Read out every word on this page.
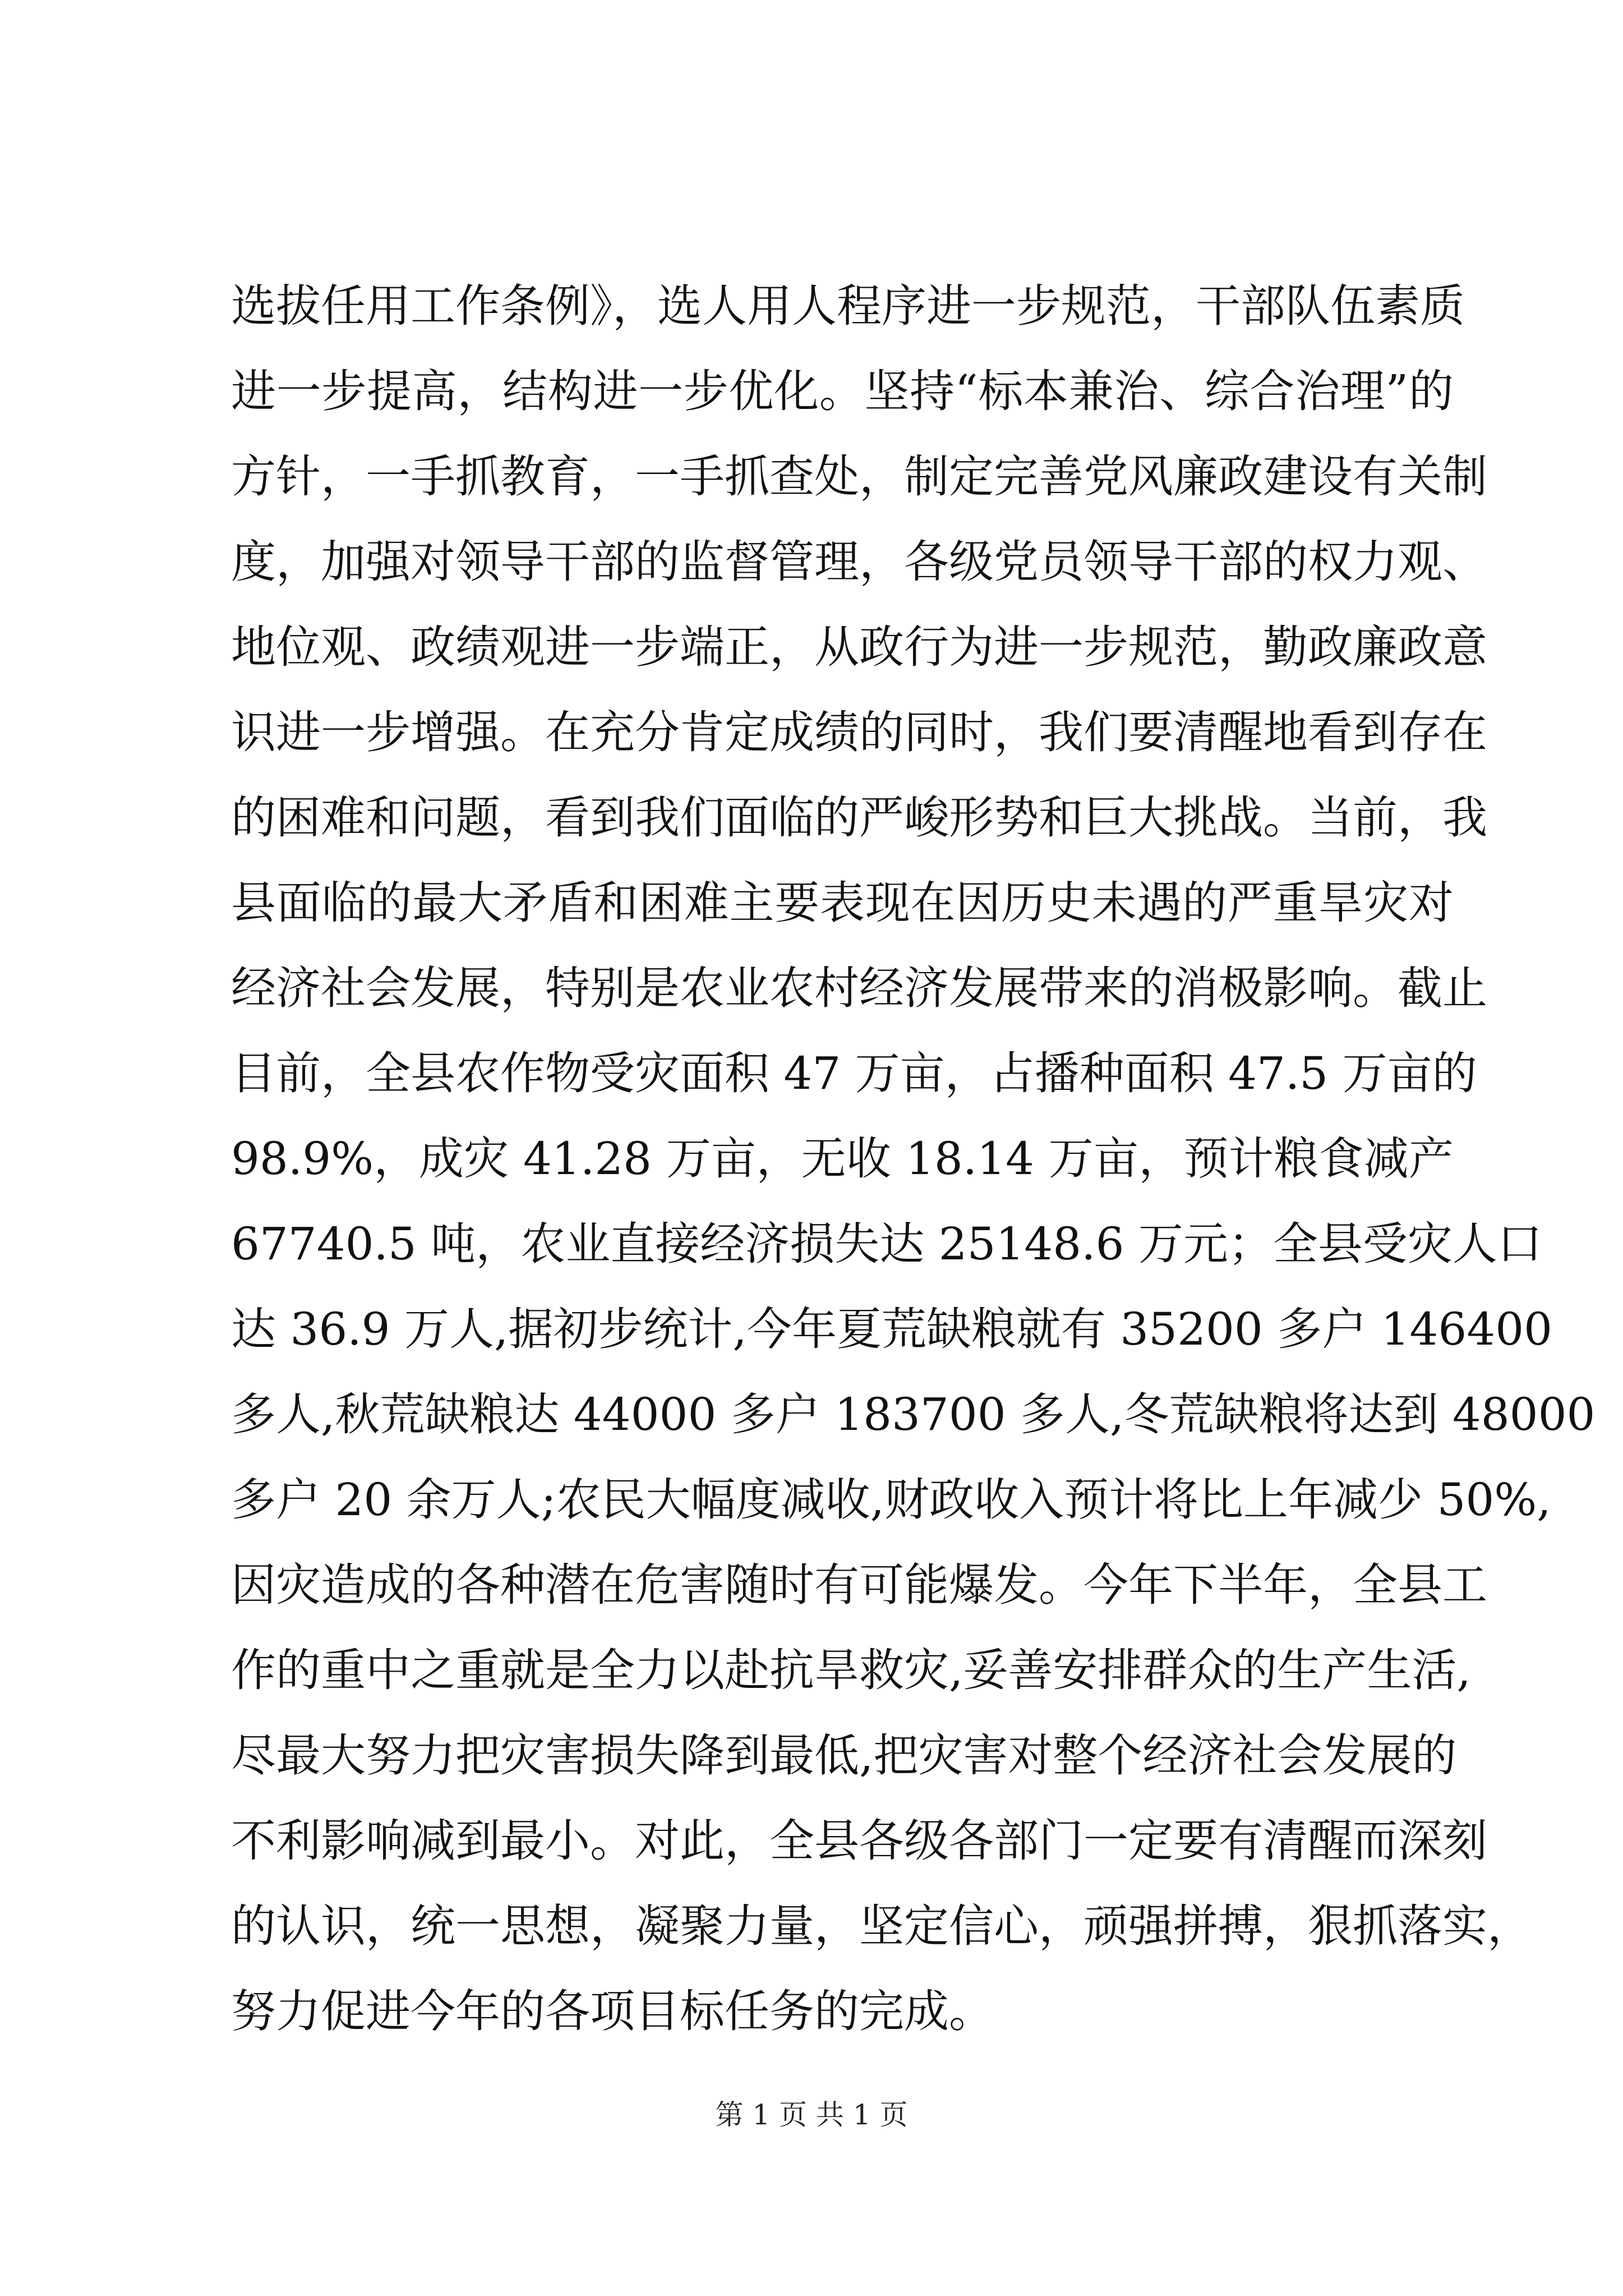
选拔任用工作条例》，选人用人程序进一步规范，干部队伍素质
进一步提高，结构进一步优化。坚持“标本兼治、综合治理”的
方针，一手抓教育，一手抓查处，制定完善党风廉政建设有关制
度，加强对领导干部的监督管理，各级党员领导干部的权力观、
地位观、政绩观进一步端正，从政行为进一步规范，勤政廉政意
识进一步增强。在充分肯定成绩的同时，我们要清醒地看到存在
的困难和问题，看到我们面临的严峻形势和巨大挑战。当前，我
县面临的最大矛盾和困难主要表现在因历史未遇的严重旱灾对
经济社会发展，特别是农业农村经济发展带来的消极影响。截止
目前，全县农作物受灾面积 47 万亩，占播种面积 47.5 万亩的
98.9%，成灾 41.28 万亩，无收 18.14 万亩，预计粮食减产
67740.5 吨，农业直接经济损失达 25148.6 万元；全县受灾人口
达 36.9 万人,据初步统计,今年夏荒缺粮就有 35200 多户 146400
多人,秋荒缺粮达 44000 多户 183700 多人,冬荒缺粮将达到 48000
多户 20 余万人;农民大幅度减收,财政收入预计将比上年减少 50%,
因灾造成的各种潜在危害随时有可能爆发。今年下半年，全县工
作的重中之重就是全力以赴抗旱救灾,妥善安排群众的生产生活,
尽最大努力把灾害损失降到最低,把灾害对整个经济社会发展的
不利影响减到最小。对此，全县各级各部门一定要有清醒而深刻
的认识，统一思想，凝聚力量，坚定信心，顽强拼搏，狠抓落实，
努力促进今年的各项目标任务的完成。
第 1 页 共 1 页
